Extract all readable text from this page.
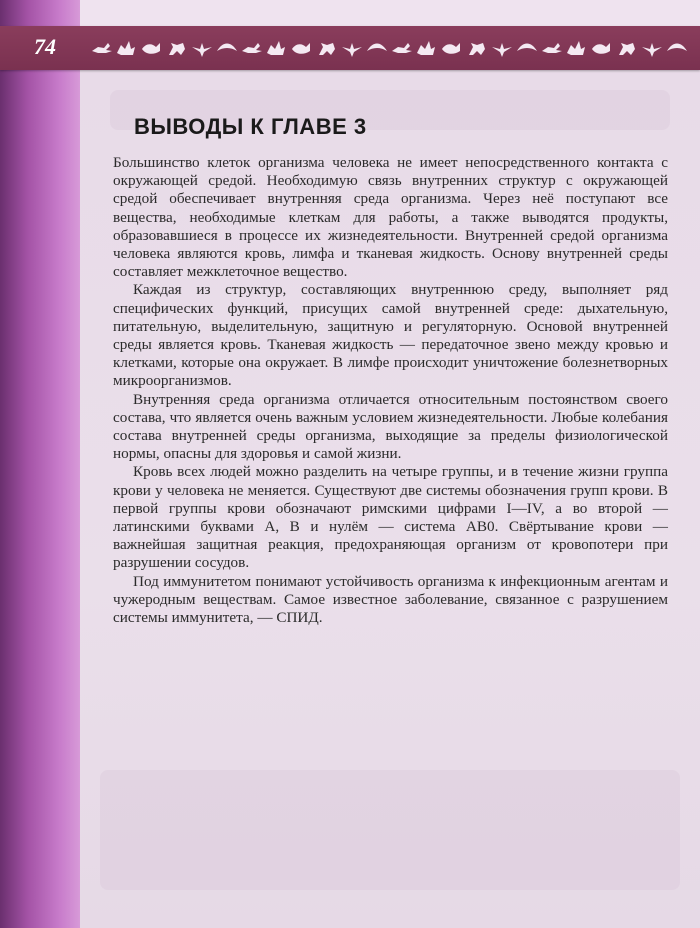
74
ВЫВОДЫ К ГЛАВЕ 3

Большинство клеток организма человека не имеет непосредственного контакта с окружающей средой. Необходимую связь внутренних структур с окружающей средой обеспечивает внутренняя среда организма. Через неё поступают все вещества, необходимые клеткам для работы, а также выводятся продукты, образовавшиеся в процессе их жизнедеятельности. Внутренней средой организма человека являются кровь, лимфа и тканевая жидкость. Основу внутренней среды составляет межклеточное вещество.

Каждая из структур, составляющих внутреннюю среду, выполняет ряд специфических функций, присущих самой внутренней среде: дыхательную, питательную, выделительную, защитную и регуляторную. Основой внутренней среды является кровь. Тканевая жидкость — передаточное звено между кровью и клетками, которые она окружает. В лимфе происходит уничтожение болезнетворных микроорганизмов.

Внутренняя среда организма отличается относительным постоянством своего состава, что является очень важным условием жизнедеятельности. Любые колебания состава внутренней среды организма, выходящие за пределы физиологической нормы, опасны для здоровья и самой жизни.

Кровь всех людей можно разделить на четыре группы, и в течение жизни группа крови у человека не меняется. Существуют две системы обозначения групп крови. В первой группы крови обозначают римскими цифрами I—IV, а во второй — латинскими буквами A, B и нулём — система AB0. Свёртывание крови — важнейшая защитная реакция, предохраняющая организм от кровопотери при разрушении сосудов.

Под иммунитетом понимают устойчивость организма к инфекционным агентам и чужеродным веществам. Самое известное заболевание, связанное с разрушением системы иммунитета, — СПИД.
